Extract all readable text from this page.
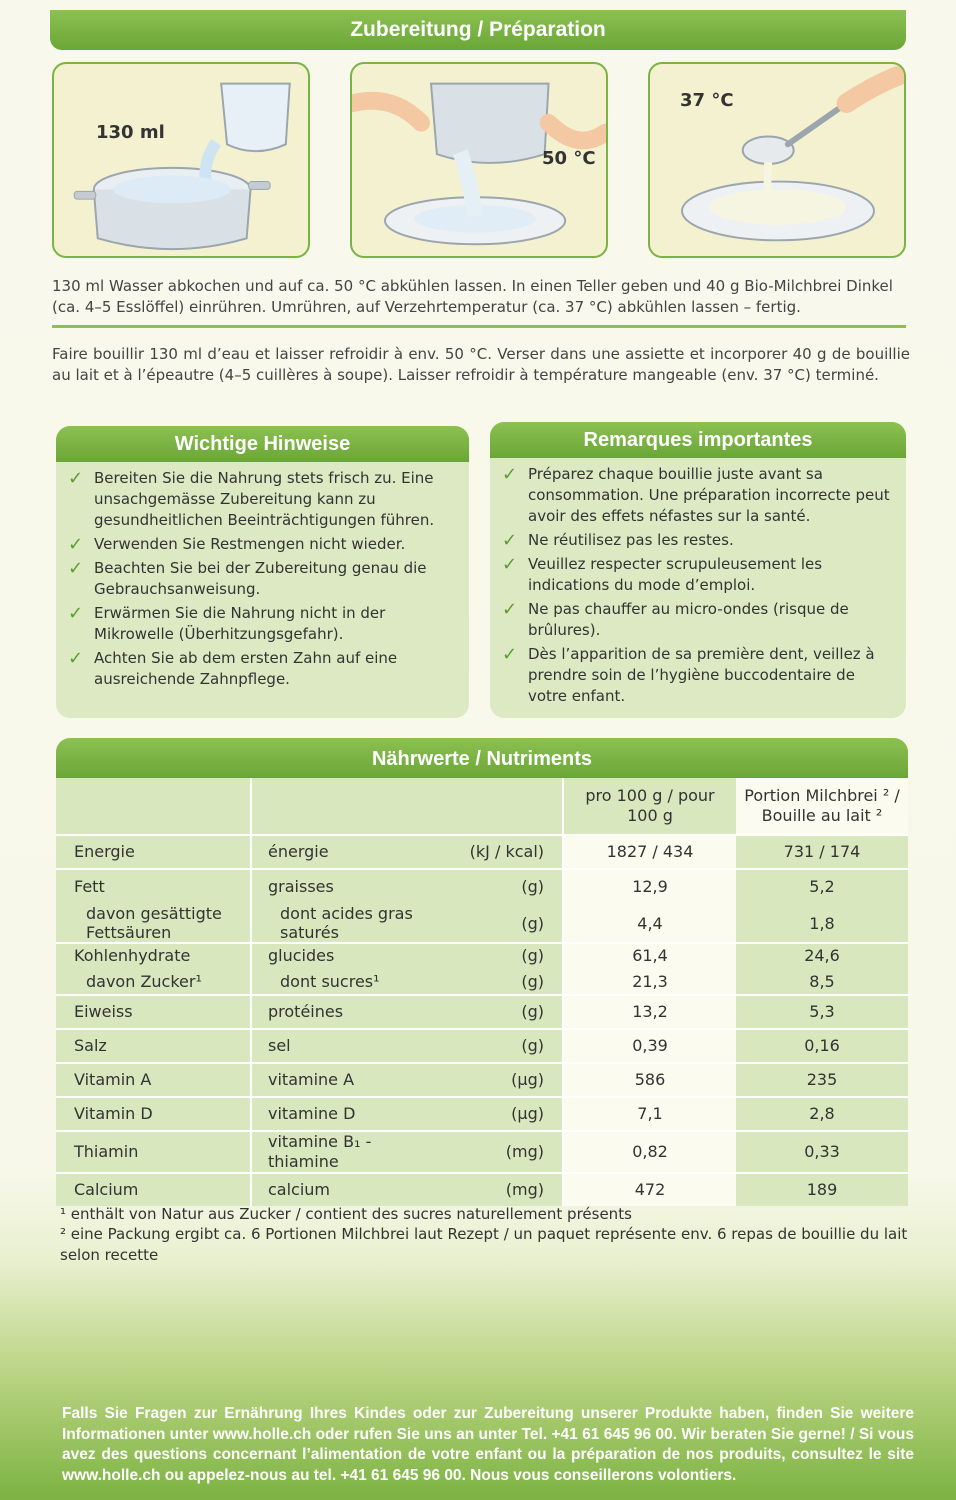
Zubereitung / Préparation
130 ml
50 °C
37 °C
130 ml Wasser abkochen und auf ca. 50 °C abkühlen lassen. In einen Teller geben und 40 g Bio-Milchbrei Dinkel (ca. 4–5 Esslöffel) einrühren. Umrühren, auf Verzehrtemperatur (ca. 37 °C) abkühlen lassen – fertig.
Faire bouillir 130 ml d’eau et laisser refroidir à env. 50 °C. Verser dans une assiette et incorporer 40 g de bouillie au lait et à l’épeautre (4–5 cuillères à soupe). Laisser refroidir à température mangeable (env. 37 °C) terminé.
Wichtige Hinweise
✓ Bereiten Sie die Nahrung stets frisch zu. Eine unsachgemässe Zubereitung kann zu gesundheitlichen Beeinträchtigungen führen.
✓ Verwenden Sie Restmengen nicht wieder.
✓ Beachten Sie bei der Zubereitung genau die Gebrauchsanweisung.
✓ Erwärmen Sie die Nahrung nicht in der Mikrowelle (Überhitzungsgefahr).
✓ Achten Sie ab dem ersten Zahn auf eine ausreichende Zahnpflege.
Remarques importantes
✓ Préparez chaque bouillie juste avant sa consommation. Une préparation incorrecte peut avoir des effets néfastes sur la santé.
✓ Ne réutilisez pas les restes.
✓ Veuillez respecter scrupuleusement les indications du mode d’emploi.
✓ Ne pas chauffer au micro-ondes (risque de brûlures).
✓ Dès l’apparition de sa première dent, veillez à prendre soin de l’hygiène buccodentaire de votre enfant.
Nährwerte / Nutriments
			pro 100 g / pour 100 g	Portion Milchbrei ² / Bouille au lait ²
Energie	énergie	(kJ / kcal)	1827 / 434	731 / 174
Fett	graisses	(g)	12,9	5,2
davon gesättigte Fettsäuren	dont acides gras saturés	(g)	4,4	1,8
Kohlenhydrate	glucides	(g)	61,4	24,6
davon Zucker¹	dont sucres¹	(g)	21,3	8,5
Eiweiss	protéines	(g)	13,2	5,3
Salz	sel	(g)	0,39	0,16
Vitamin A	vitamine A	(µg)	586	235
Vitamin D	vitamine D	(µg)	7,1	2,8
Thiamin	vitamine B₁ - thiamine	(mg)	0,82	0,33
Calcium	calcium	(mg)	472	189
¹ enthält von Natur aus Zucker / contient des sucres naturellement présents
² eine Packung ergibt ca. 6 Portionen Milchbrei laut Rezept / un paquet représente env. 6 repas de bouillie du lait selon recette
Falls Sie Fragen zur Ernährung Ihres Kindes oder zur Zubereitung unserer Produkte haben, finden Sie weitere Informationen unter www.holle.ch oder rufen Sie uns an unter Tel. +41 61 645 96 00. Wir beraten Sie gerne! / Si vous avez des questions concernant l’alimentation de votre enfant ou la préparation de nos produits, consultez le site www.holle.ch ou appelez-nous au tel. +41 61 645 96 00. Nous vous conseillerons volontiers.
